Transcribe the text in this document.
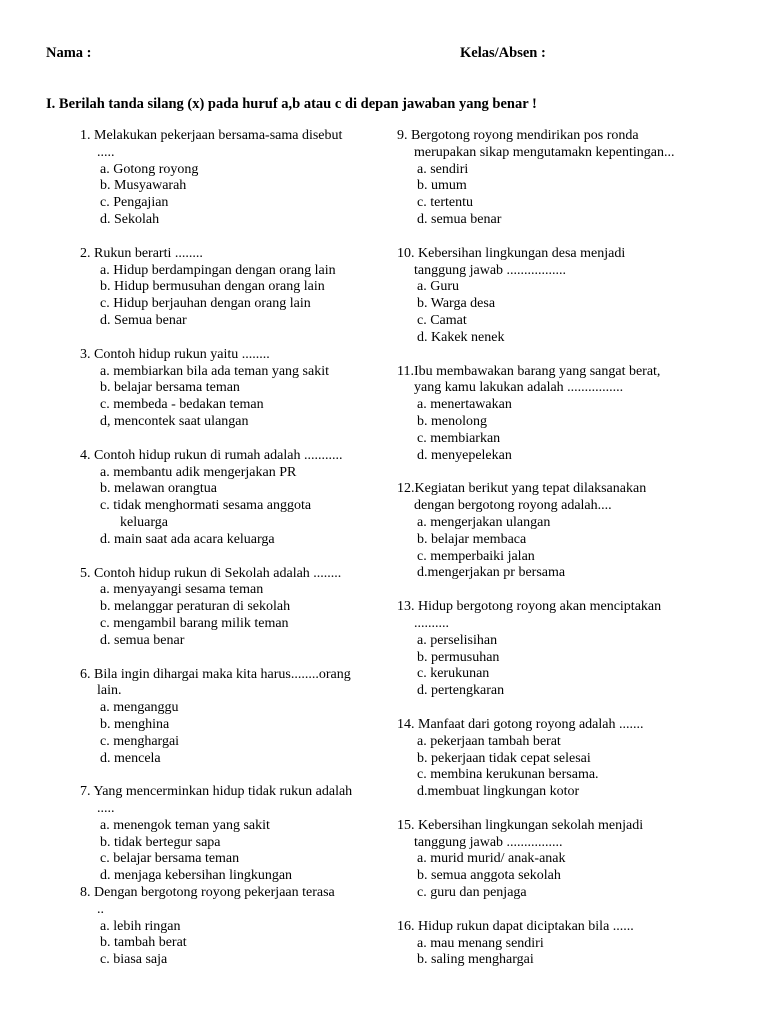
Nama :	Kelas/Absen :

I. Berilah tanda silang (x) pada huruf a,b atau c di depan jawaban yang benar !

1. Melakukan pekerjaan bersama-sama disebut
.....
a. Gotong royong
b. Musyawarah
c. Pengajian
d. Sekolah
2. Rukun berarti ........
a. Hidup berdampingan dengan orang lain
b. Hidup bermusuhan dengan orang lain
c. Hidup berjauhan dengan orang lain
d. Semua benar
3. Contoh hidup rukun yaitu ........
a. membiarkan bila ada teman yang sakit
b. belajar bersama teman
c. membeda - bedakan teman
d, mencontek saat ulangan
4. Contoh hidup rukun di rumah adalah ...........
a. membantu adik mengerjakan PR
b. melawan orangtua
c. tidak menghormati sesama anggota
keluarga
d. main saat ada acara keluarga
5. Contoh hidup rukun di Sekolah adalah ........
a. menyayangi sesama teman
b. melanggar peraturan di sekolah
c. mengambil barang milik teman
d. semua benar
6. Bila ingin dihargai maka kita harus........orang
lain.
a. menganggu
b. menghina
c. menghargai
d. mencela
7. Yang mencerminkan hidup tidak rukun adalah
.....
a. menengok teman yang sakit
b. tidak bertegur sapa
c. belajar bersama teman
d. menjaga kebersihan lingkungan
8. Dengan bergotong royong pekerjaan terasa
..
a. lebih ringan
b. tambah berat
c. biasa saja
9. Bergotong royong mendirikan pos ronda
merupakan sikap mengutamakn kepentingan...
a. sendiri
b. umum
c. tertentu
d. semua benar
10. Kebersihan lingkungan desa menjadi
tanggung jawab .................
a. Guru
b. Warga desa
c. Camat
d. Kakek nenek
11.Ibu membawakan barang yang sangat berat,
yang kamu lakukan adalah ................
a. menertawakan
b. menolong
c. membiarkan
d. menyepelekan
12.Kegiatan berikut yang tepat dilaksanakan
dengan bergotong royong adalah....
a. mengerjakan ulangan
b. belajar membaca
c. memperbaiki jalan
d.mengerjakan pr bersama
13. Hidup bergotong royong akan menciptakan
..........
a. perselisihan
b. permusuhan
c. kerukunan
d. pertengkaran
14. Manfaat dari gotong royong adalah .......
a. pekerjaan tambah berat
b. pekerjaan tidak cepat selesai
c. membina kerukunan bersama.
d.membuat lingkungan kotor
15. Kebersihan lingkungan sekolah menjadi
tanggung jawab ................
a. murid murid/ anak-anak
b. semua anggota sekolah
c. guru dan penjaga
16. Hidup rukun dapat diciptakan bila ......
a. mau menang sendiri
b. saling menghargai
